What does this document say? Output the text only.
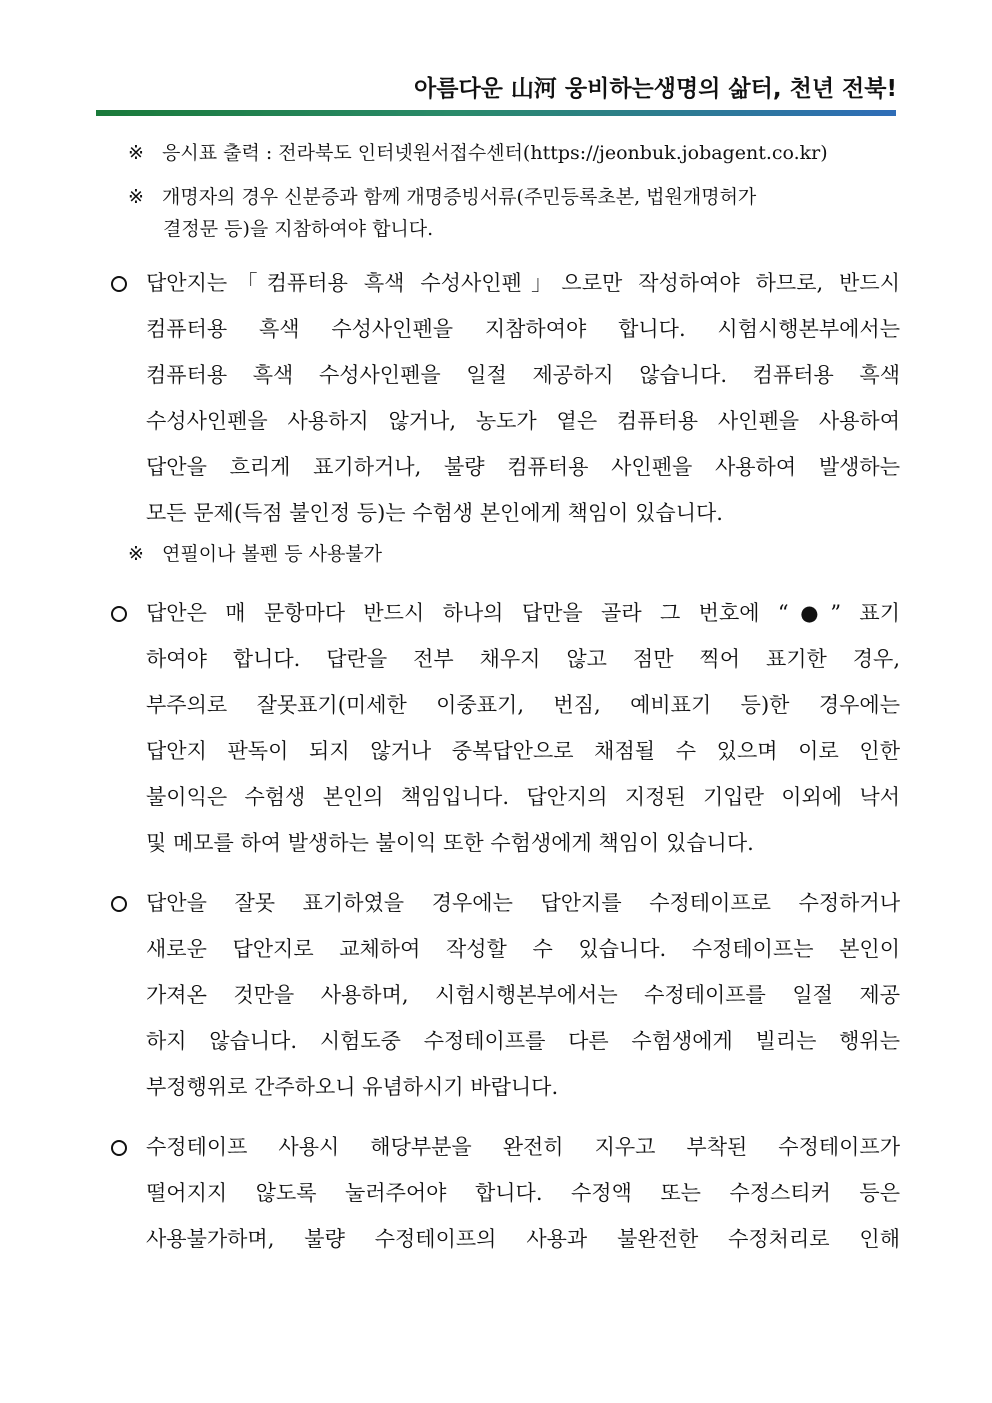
아름다운 山河 웅비하는생명의 삶터, 천년 전북!
※ 응시표 출력 : 전라북도 인터넷원서접수센터(https://jeonbuk.jobagent.co.kr)
※ 개명자의 경우 신분증과 함께 개명증빙서류(주민등록초본, 법원개명허가
결정문 등)을 지참하여야 합니다.
답안지는「컴퓨터용 흑색 수성사인펜」으로만 작성하여야 하므로, 반드시
컴퓨터용 흑색 수성사인펜을 지참하여야 합니다. 시험시행본부에서는
컴퓨터용 흑색 수성사인펜을 일절 제공하지 않습니다. 컴퓨터용 흑색
수성사인펜을 사용하지 않거나, 농도가 옅은 컴퓨터용 사인펜을 사용하여
답안을 흐리게 표기하거나, 불량 컴퓨터용 사인펜을 사용하여 발생하는
모든 문제(득점 불인정 등)는 수험생 본인에게 책임이 있습니다.
※ 연필이나 볼펜 등 사용불가
답안은 매 문항마다 반드시 하나의 답만을 골라 그 번호에 “●” 표기
하여야 합니다. 답란을 전부 채우지 않고 점만 찍어 표기한 경우,
부주의로 잘못표기(미세한 이중표기, 번짐, 예비표기 등)한 경우에는
답안지 판독이 되지 않거나 중복답안으로 채점될 수 있으며 이로 인한
불이익은 수험생 본인의 책임입니다. 답안지의 지정된 기입란 이외에 낙서
및 메모를 하여 발생하는 불이익 또한 수험생에게 책임이 있습니다.
답안을 잘못 표기하였을 경우에는 답안지를 수정테이프로 수정하거나
새로운 답안지로 교체하여 작성할 수 있습니다. 수정테이프는 본인이
가져온 것만을 사용하며, 시험시행본부에서는 수정테이프를 일절 제공
하지 않습니다. 시험도중 수정테이프를 다른 수험생에게 빌리는 행위는
부정행위로 간주하오니 유념하시기 바랍니다.
수정테이프 사용시 해당부분을 완전히 지우고 부착된 수정테이프가
떨어지지 않도록 눌러주어야 합니다. 수정액 또는 수정스티커 등은
사용불가하며, 불량 수정테이프의 사용과 불완전한 수정처리로 인해
